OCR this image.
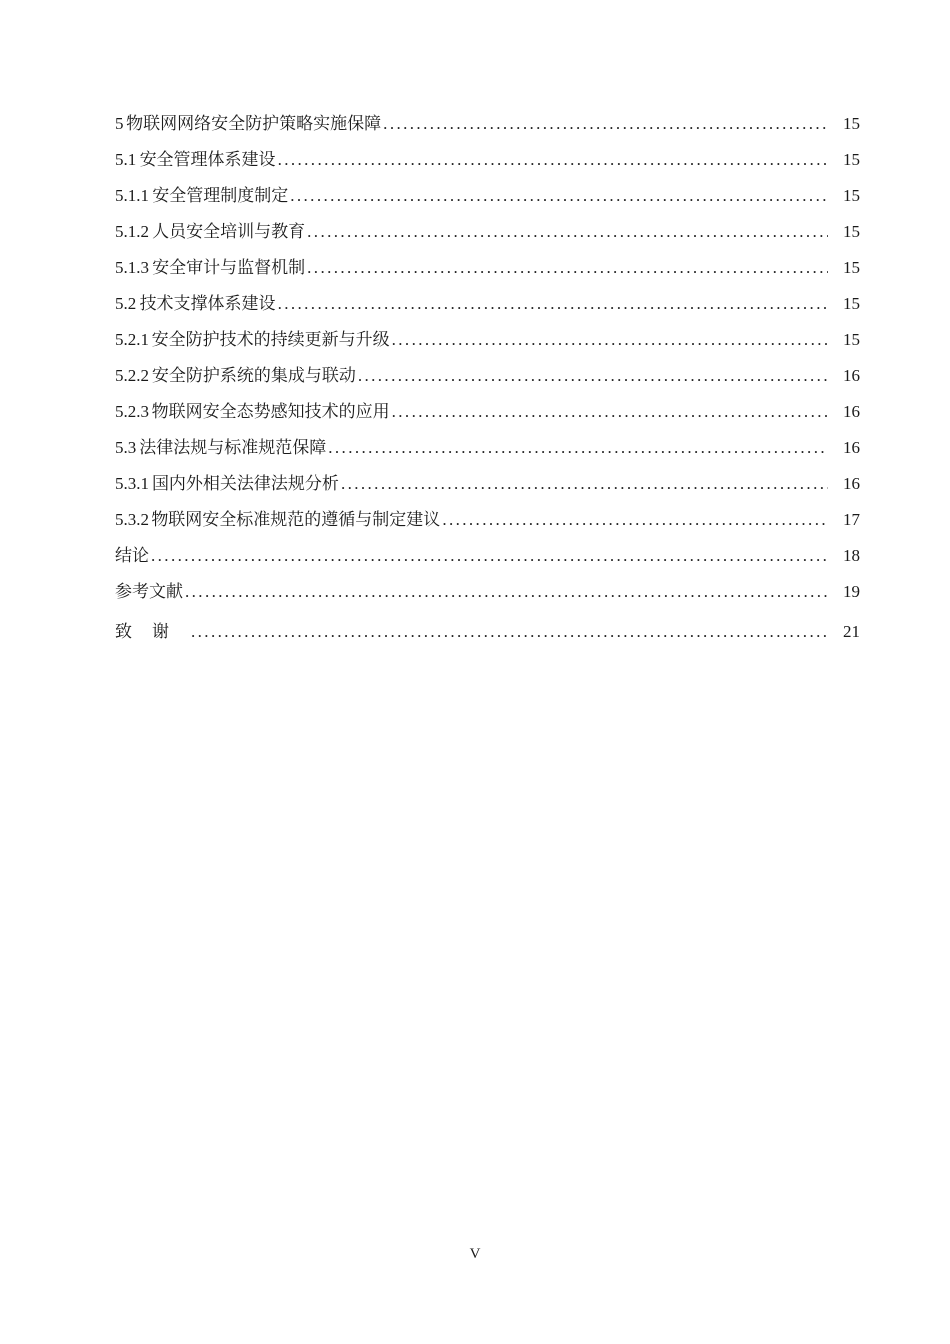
5 物联网网络安全防护策略实施保障 .....	15
5.1 安全管理体系建设 .....	15
5.1.1 安全管理制度制定 .....	15
5.1.2 人员安全培训与教育 .....	15
5.1.3 安全审计与监督机制 .....	15
5.2 技术支撑体系建设 .....	15
5.2.1 安全防护技术的持续更新与升级 .....	15
5.2.2 安全防护系统的集成与联动 .....	16
5.2.3 物联网安全态势感知技术的应用 .....	16
5.3 法律法规与标准规范保障 .....	16
5.3.1 国内外相关法律法规分析 .....	16
5.3.2 物联网安全标准规范的遵循与制定建议 .....	17
结论 .....	18
参考文献 .....	19
致谢 .....	21
V
